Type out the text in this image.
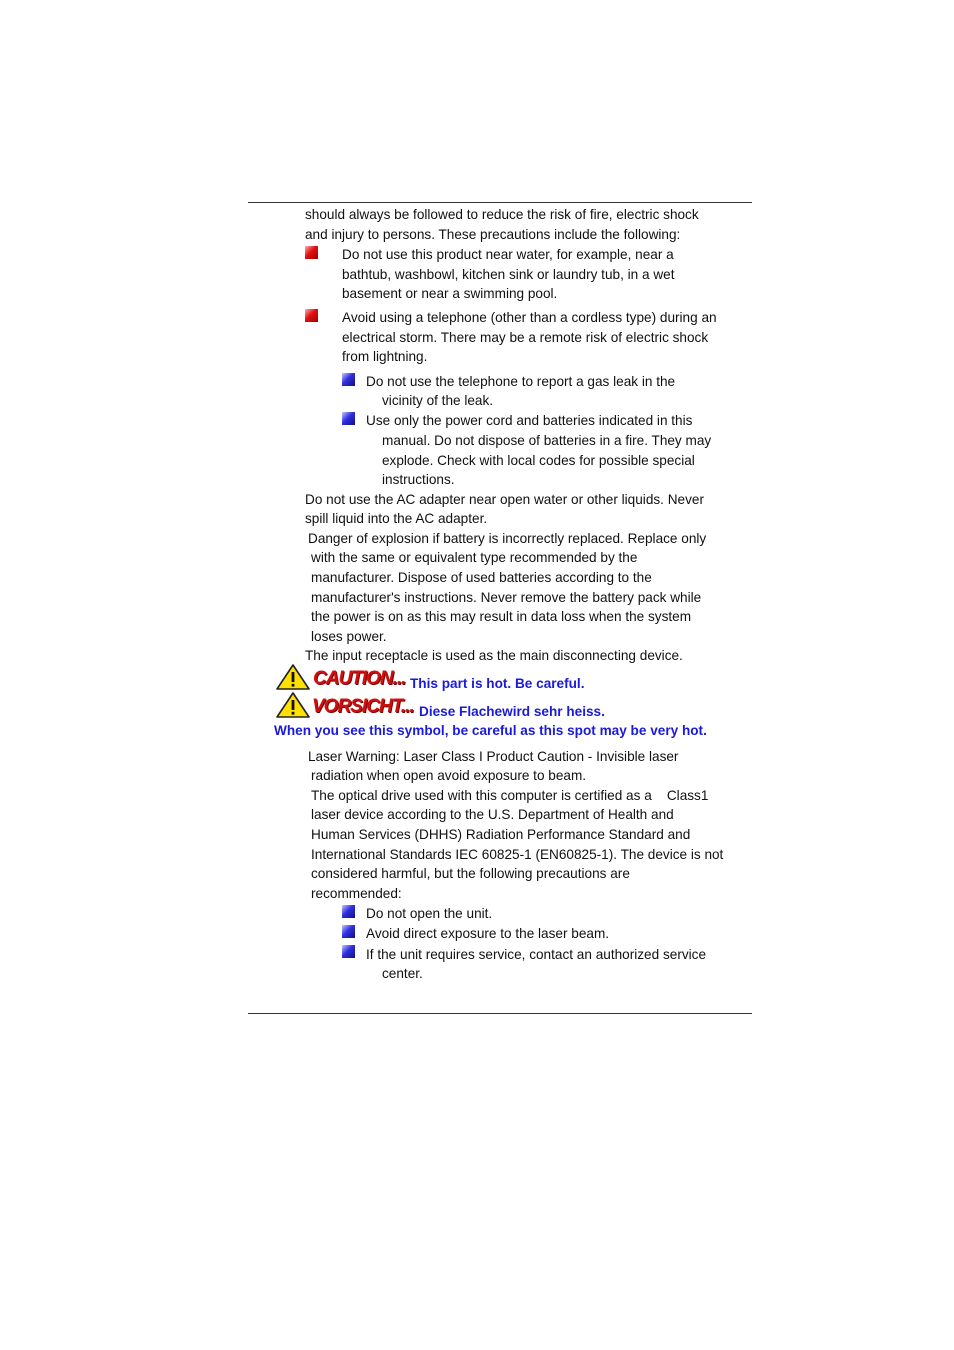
should always be followed to reduce the risk of fire, electric shock

and injury to persons. These precautions include the following:

Do not use this product near water, for example, near a

bathtub, washbowl, kitchen sink or laundry tub, in a wet

basement or near a swimming pool.

Avoid using a telephone (other than a cordless type) during an

electrical storm. There may be a remote risk of electric shock

from lightning.

Do not use the telephone to report a gas leak in the

vicinity of the leak.

Use only the power cord and batteries indicated in this

manual. Do not dispose of batteries in a fire. They may

explode. Check with local codes for possible special

instructions.

Do not use the AC adapter near open water or other liquids. Never

spill liquid into the AC adapter.

Danger of explosion if battery is incorrectly replaced. Replace only

with the same or equivalent type recommended by the

manufacturer. Dispose of used batteries according to the

manufacturer's instructions. Never remove the battery pack while

the power is on as this may result in data loss when the system

loses power.

The input receptacle is used as the main disconnecting device.

CAUTION... This part is hot. Be careful.
VORSICHT... Diese Flachewird sehr heiss.
When you see this symbol, be careful as this spot may be very hot.

Laser Warning: Laser Class I Product Caution - Invisible laser

radiation when open avoid exposure to beam.

The optical drive used with this computer is certified as a    Class1

laser device according to the U.S. Department of Health and

Human Services (DHHS) Radiation Performance Standard and

International Standards IEC 60825-1 (EN60825-1). The device is not

considered harmful, but the following precautions are

recommended:

Do not open the unit.

Avoid direct exposure to the laser beam.

If the unit requires service, contact an authorized service

center.
